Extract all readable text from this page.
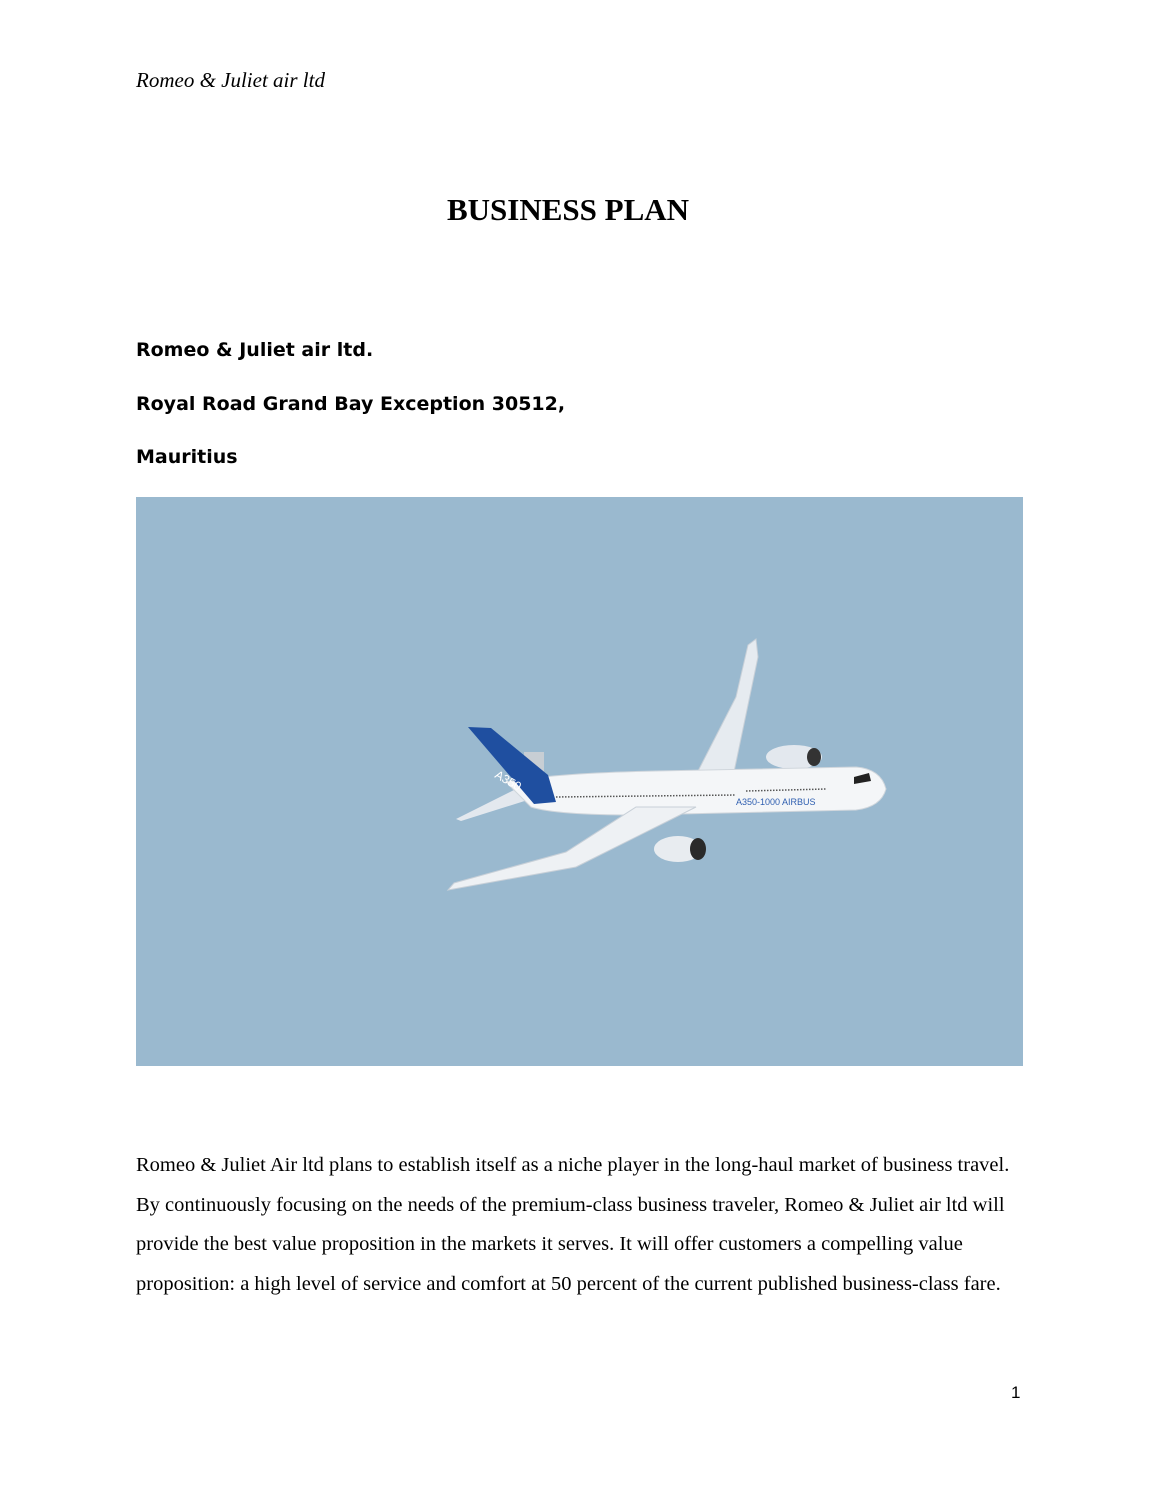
Romeo & Juliet air ltd
BUSINESS PLAN
Romeo & Juliet air ltd.
Royal Road Grand Bay Exception 30512,
Mauritius
A350
A350-1000 AIRBUS
Romeo & Juliet Air ltd plans to establish itself as a niche player in the long-haul market of business travel. By continuously focusing on the needs of the premium-class business traveler, Romeo & Juliet air ltd will provide the best value proposition in the markets it serves. It will offer customers a compelling value proposition: a high level of service and comfort at 50 percent of the current published business-class fare.
1
